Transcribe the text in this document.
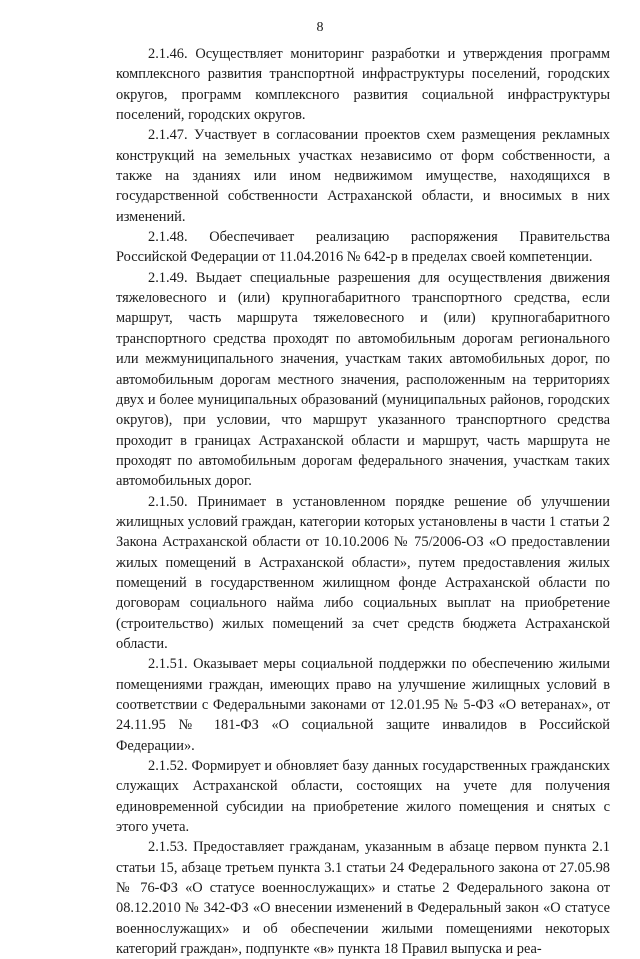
8

2.1.46. Осуществляет мониторинг разработки и утверждения программ комплексного развития транспортной инфраструктуры поселений, городских округов, программ комплексного развития социальной инфраструктуры поселений, городских округов.

2.1.47. Участвует в согласовании проектов схем размещения рекламных конструкций на земельных участках независимо от форм собственности, а также на зданиях или ином недвижимом имуществе, находящихся в государственной собственности Астраханской области, и вносимых в них изменений.

2.1.48. Обеспечивает реализацию распоряжения Правительства Российской Федерации от 11.04.2016 № 642-р в пределах своей компетенции.

2.1.49. Выдает специальные разрешения для осуществления движения тяжеловесного и (или) крупногабаритного транспортного средства, если маршрут, часть маршрута тяжеловесного и (или) крупногабаритного транспортного средства проходят по автомобильным дорогам регионального или межмуниципального значения, участкам таких автомобильных дорог, по автомобильным дорогам местного значения, расположенным на территориях двух и более муниципальных образований (муниципальных районов, городских округов), при условии, что маршрут указанного транспортного средства проходит в границах Астраханской области и маршрут, часть маршрута не проходят по автомобильным дорогам федерального значения, участкам таких автомобильных дорог.

2.1.50. Принимает в установленном порядке решение об улучшении жилищных условий граждан, категории которых установлены в части 1 статьи 2 Закона Астраханской области от 10.10.2006 № 75/2006-ОЗ «О предоставлении жилых помещений в Астраханской области», путем предоставления жилых помещений в государственном жилищном фонде Астраханской области по договорам социального найма либо социальных выплат на приобретение (строительство) жилых помещений за счет средств бюджета Астраханской области.

2.1.51. Оказывает меры социальной поддержки по обеспечению жилыми помещениями граждан, имеющих право на улучшение жилищных условий в соответствии с Федеральными законами от 12.01.95 № 5-ФЗ «О ветеранах», от 24.11.95 № 181-ФЗ «О социальной защите инвалидов в Российской Федерации».

2.1.52. Формирует и обновляет базу данных государственных гражданских служащих Астраханской области, состоящих на учете для получения единовременной субсидии на приобретение жилого помещения и снятых с этого учета.

2.1.53. Предоставляет гражданам, указанным в абзаце первом пункта 2.1 статьи 15, абзаце третьем пункта 3.1 статьи 24 Федерального закона от 27.05.98 № 76-ФЗ «О статусе военнослужащих» и статье 2 Федерального закона от 08.12.2010 № 342-ФЗ «О внесении изменений в Федеральный закон «О статусе военнослужащих» и об обеспечении жилыми помещениями некоторых категорий граждан», подпункте «в» пункта 18 Правил выпуска и реа-
